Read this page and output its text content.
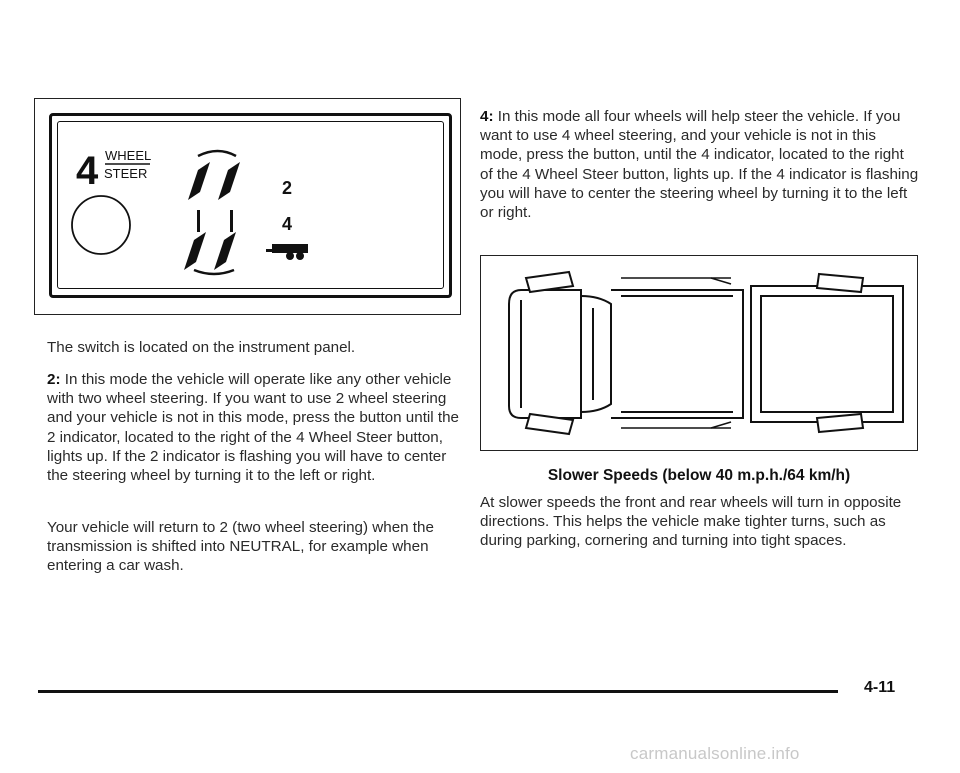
4 WHEEL
STEER
2
4

The switch is located on the instrument panel.

2: In this mode the vehicle will operate like any other vehicle with two wheel steering. If you want to use 2 wheel steering and your vehicle is not in this mode, press the button until the 2 indicator, located to the right of the 4 Wheel Steer button, lights up. If the 2 indicator is flashing you will have to center the steering wheel by turning it to the left or right.

Your vehicle will return to 2 (two wheel steering) when the transmission is shifted into NEUTRAL, for example when entering a car wash.

4: In this mode all four wheels will help steer the vehicle. If you want to use 4 wheel steering, and your vehicle is not in this mode, press the button, until the 4 indicator, located to the right of the 4 Wheel Steer button, lights up. If the 4 indicator is flashing you will have to center the steering wheel by turning it to the left or right.

Slower Speeds (below 40 m.p.h./64 km/h)

At slower speeds the front and rear wheels will turn in opposite directions. This helps the vehicle make tighter turns, such as during parking, cornering and turning into tight spaces.

4-11
carmanualsonline.info
